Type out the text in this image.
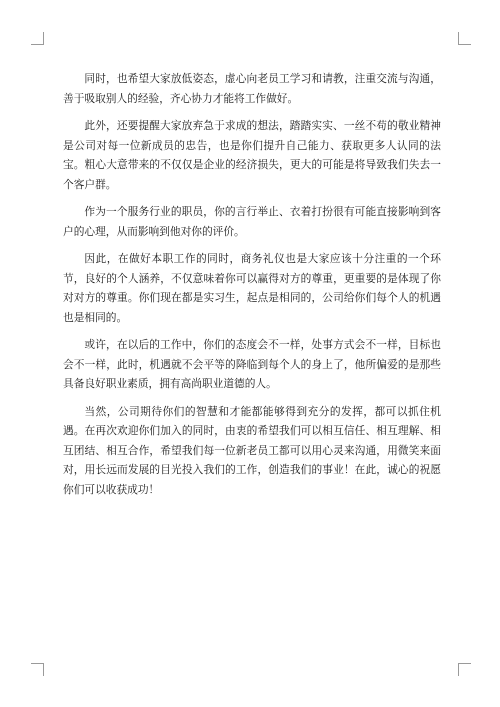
同时，也希望大家放低姿态，虚心向老员工学习和请教，注重交流与沟通，善于吸取别人的经验，齐心协力才能将工作做好。

此外，还要提醒大家放弃急于求成的想法，踏踏实实、一丝不苟的敬业精神是公司对每一位新成员的忠告，也是你们提升自己能力、获取更多人认同的法宝。粗心大意带来的不仅仅是企业的经济损失，更大的可能是将导致我们失去一个客户群。

作为一个服务行业的职员，你的言行举止、衣着打扮很有可能直接影响到客户的心理，从而影响到他对你的评价。

因此，在做好本职工作的同时，商务礼仪也是大家应该十分注重的一个环节，良好的个人涵养，不仅意味着你可以赢得对方的尊重，更重要的是体现了你对对方的尊重。你们现在都是实习生，起点是相同的，公司给你们每个人的机遇也是相同的。

或许，在以后的工作中，你们的态度会不一样，处事方式会不一样，目标也会不一样，此时，机遇就不会平等的降临到每个人的身上了，他所偏爱的是那些具备良好职业素质，拥有高尚职业道德的人。

当然，公司期待你们的智慧和才能都能够得到充分的发挥，都可以抓住机遇。在再次欢迎你们加入的同时，由衷的希望我们可以相互信任、相互理解、相互团结、相互合作，希望我们每一位新老员工都可以用心灵来沟通，用微笑来面对，用长远而发展的目光投入我们的工作，创造我们的事业！在此，诚心的祝愿你们可以收获成功！
